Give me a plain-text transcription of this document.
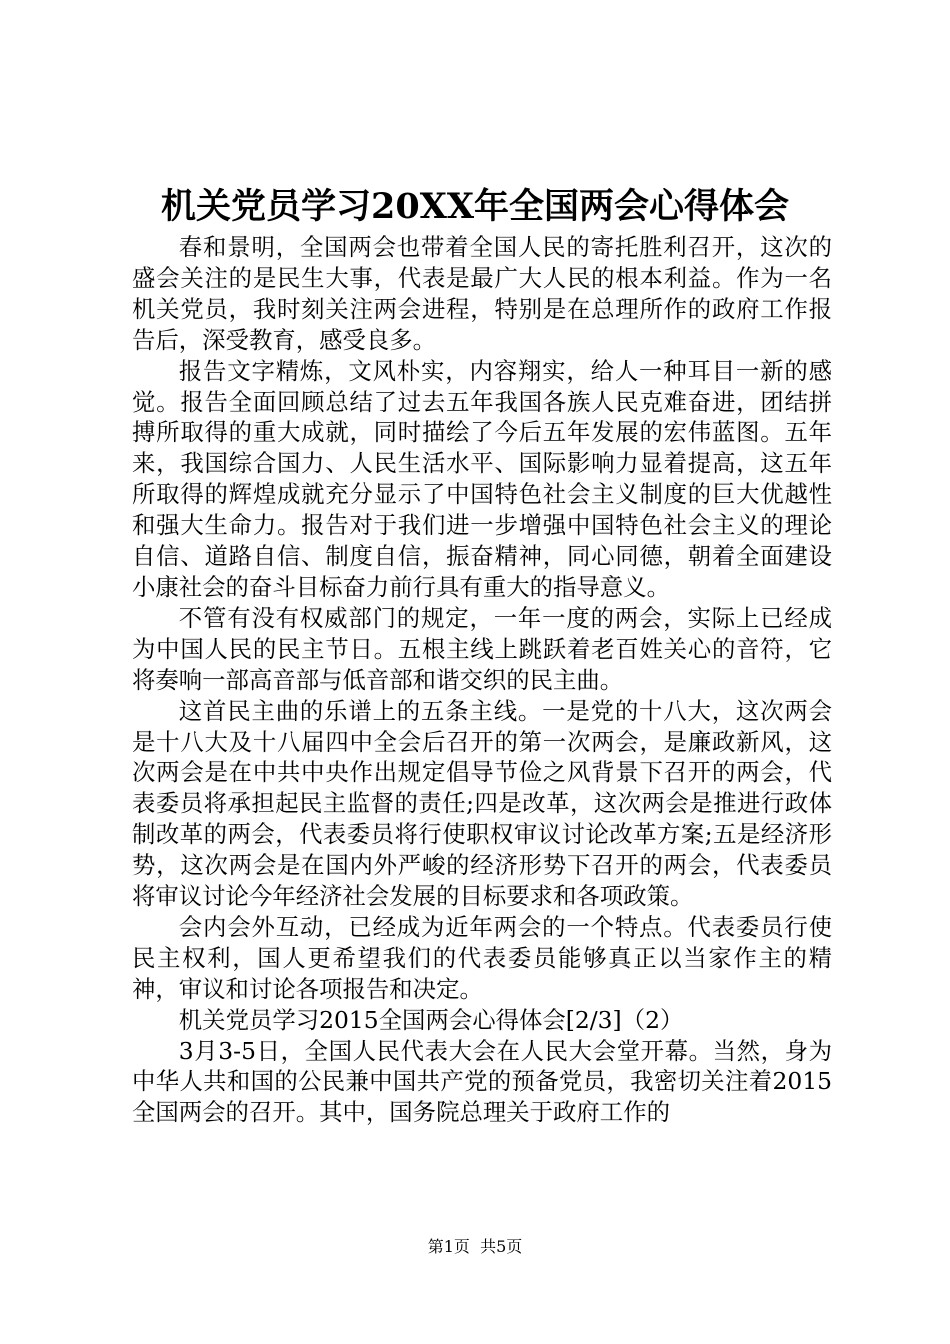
机关党员学习20XX年全国两会心得体会

春和景明，全国两会也带着全国人民的寄托胜利召开，这次的盛会关注的是民生大事，代表是最广大人民的根本利益。作为一名机关党员，我时刻关注两会进程，特别是在总理所作的政府工作报告后，深受教育，感受良多。

报告文字精炼，文风朴实，内容翔实，给人一种耳目一新的感觉。报告全面回顾总结了过去五年我国各族人民克难奋进，团结拼搏所取得的重大成就，同时描绘了今后五年发展的宏伟蓝图。五年来，我国综合国力、人民生活水平、国际影响力显着提高，这五年所取得的辉煌成就充分显示了中国特色社会主义制度的巨大优越性和强大生命力。报告对于我们进一步增强中国特色社会主义的理论自信、道路自信、制度自信，振奋精神，同心同德，朝着全面建设小康社会的奋斗目标奋力前行具有重大的指导意义。

不管有没有权威部门的规定，一年一度的两会，实际上已经成为中国人民的民主节日。五根主线上跳跃着老百姓关心的音符，它将奏响一部高音部与低音部和谐交织的民主曲。

这首民主曲的乐谱上的五条主线。一是党的十八大，这次两会是十八大及十八届四中全会后召开的第一次两会，是廉政新风，这次两会是在中共中央作出规定倡导节俭之风背景下召开的两会，代表委员将承担起民主监督的责任;四是改革，这次两会是推进行政体制改革的两会，代表委员将行使职权审议讨论改革方案;五是经济形势，这次两会是在国内外严峻的经济形势下召开的两会，代表委员将审议讨论今年经济社会发展的目标要求和各项政策。

会内会外互动，已经成为近年两会的一个特点。代表委员行使民主权利，国人更希望我们的代表委员能够真正以当家作主的精神，审议和讨论各项报告和决定。

机关党员学习2015全国两会心得体会[2/3]（2）

3月3-5日，全国人民代表大会在人民大会堂开幕。当然，身为中华人共和国的公民兼中国共产党的预备党员，我密切关注着2015全国两会的召开。其中，国务院总理关于政府工作的

第1页 共5页
